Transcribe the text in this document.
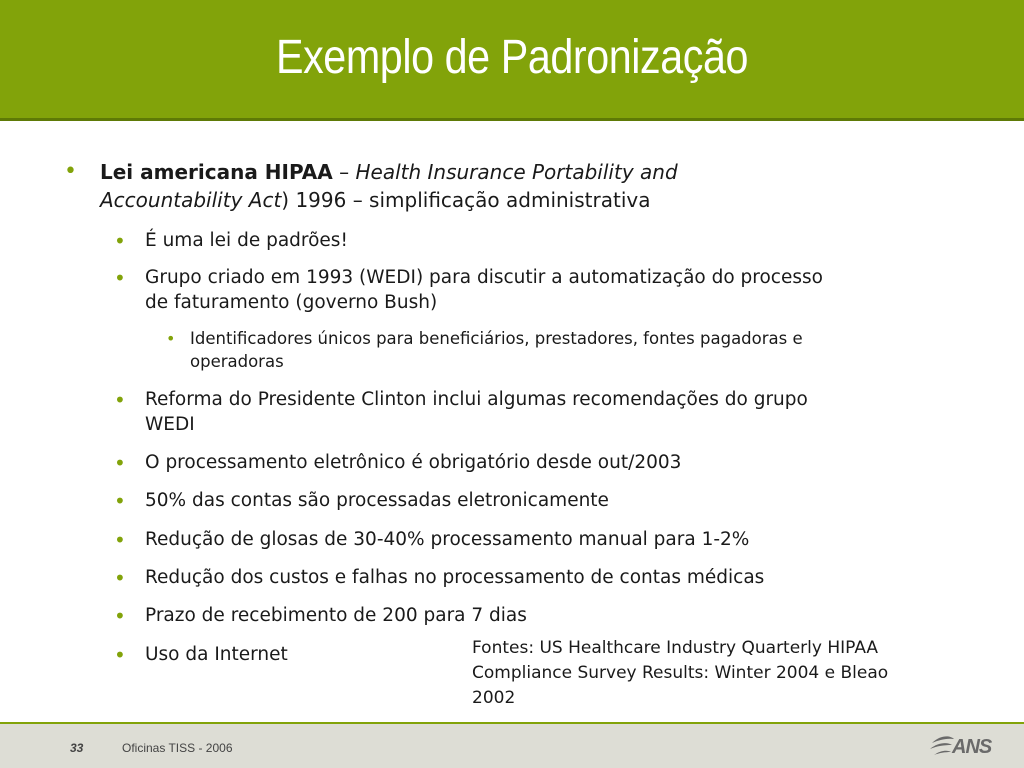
Exemplo de Padronização
• Lei americana HIPAA – Health Insurance Portability and
Accountability Act) 1996 – simplificação administrativa
• É uma lei de padrões!
• Grupo criado em 1993 (WEDI) para discutir a automatização do processo
de faturamento (governo Bush)
• Identificadores únicos para beneficiários, prestadores, fontes pagadoras e
operadoras
• Reforma do Presidente Clinton inclui algumas recomendações do grupo
WEDI
• O processamento eletrônico é obrigatório desde out/2003
• 50% das contas são processadas eletronicamente
• Redução de glosas de 30-40% processamento manual para 1-2%
• Redução dos custos e falhas no processamento de contas médicas
• Prazo de recebimento de 200 para 7 dias
• Uso da Internet	Fontes: US Healthcare Industry Quarterly HIPAA
Compliance Survey Results: Winter 2004 e Bleao
2002
33	Oficinas TISS - 2006	ANS
